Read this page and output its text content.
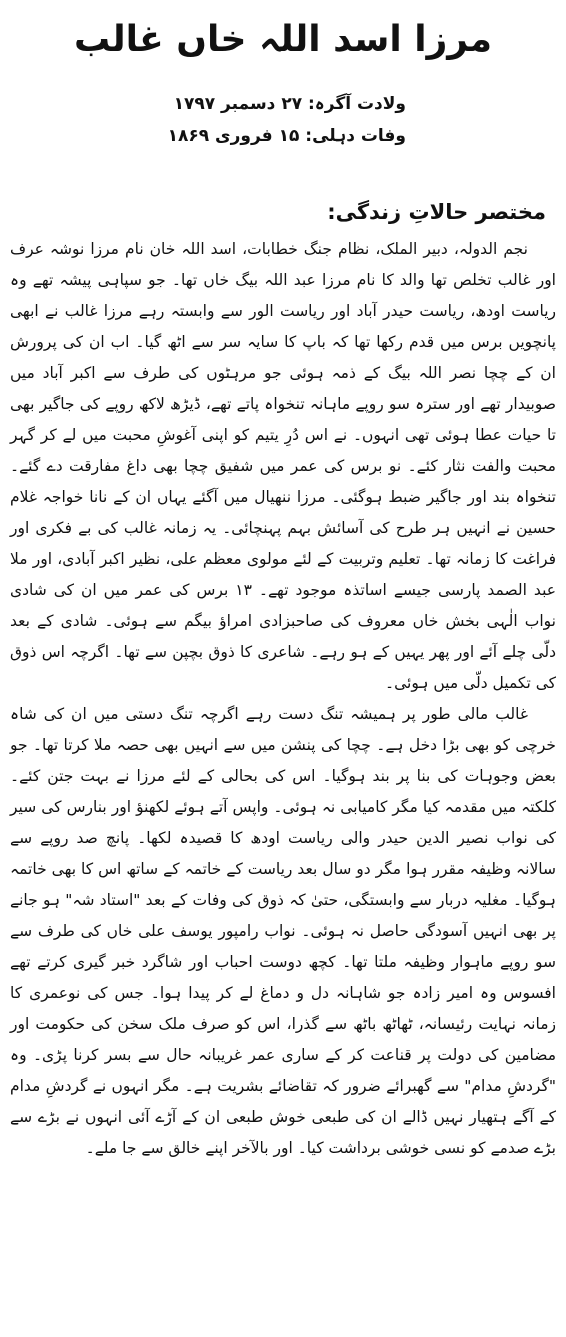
مرزا اسد اللہ خاں غالب
ولادت آگرہ: ۲۷ دسمبر ۱۷۹۷
وفات دہلی: ۱۵ فروری ۱۸۶۹
مختصر حالاتِ زندگی:

نجم الدولہ، دبیر الملک، نظام جنگ خطابات، اسد اللہ خان نام مرزا نوشہ عرف اور غالب تخلص تھا والد کا نام مرزا عبد اللہ بیگ خاں تھا۔ جو سپاہی پیشہ تھے وہ ریاست اودھ، ریاست حیدر آباد اور ریاست الور سے وابستہ رہے مرزا غالب نے ابھی پانچویں برس میں قدم رکھا تھا کہ باپ کا سایہ سر سے اٹھ گیا۔ اب ان کی پرورش ان کے چچا نصر اللہ بیگ کے ذمہ ہوئی جو مرہٹوں کی طرف سے اکبر آباد میں صوبیدار تھے اور سترہ سو روپے ماہانہ تنخواہ پاتے تھے، ڈیڑھ لاکھ روپے کی جاگیر بھی تا حیات عطا ہوئی تھی انہوں۔ نے اس دُرِ یتیم کو اپنی آغوشِ محبت میں لے کر گہر محبت والفت نثار کئے۔ نو برس کی عمر میں شفیق چچا بھی داغ مفارقت دے گئے۔ تنخواہ بند اور جاگیر ضبط ہوگئی۔ مرزا ننھیال میں آگئے یہاں ان کے نانا خواجہ غلام حسین نے انہیں ہر طرح کی آسائش بہم پہنچائی۔ یہ زمانہ غالب کی بے فکری اور فراغت کا زمانہ تھا۔ تعلیم وتربیت کے لئے مولوی معظم علی، نظیر اکبر آبادی، اور ملا عبد الصمد پارسی جیسے اساتذہ موجود تھے۔ ۱۳ برس کی عمر میں ان کی شادی نواب الٰہی بخش خاں معروف کی صاحبزادی امراؤ بیگم سے ہوئی۔ شادی کے بعد دلّی چلے آئے اور پھر یہیں کے ہو رہے۔ شاعری کا ذوق بچپن سے تھا۔ اگرچہ اس ذوق کی تکمیل دلّی میں ہوئی۔

غالب مالی طور پر ہمیشہ تنگ دست رہے اگرچہ تنگ دستی میں ان کی شاہ خرچی کو بھی بڑا دخل ہے۔ چچا کی پنشن میں سے انہیں بھی حصہ ملا کرتا تھا۔ جو بعض وجوہات کی بنا پر بند ہوگیا۔ اس کی بحالی کے لئے مرزا نے بہت جتن کئے۔ کلکتہ میں مقدمہ کیا مگر کامیابی نہ ہوئی۔ واپس آتے ہوئے لکھنؤ اور بنارس کی سیر کی نواب نصیر الدین حیدر والی ریاست اودھ کا قصیدہ لکھا۔ پانچ صد روپے سے سالانہ وظیفہ مقرر ہوا مگر دو سال بعد ریاست کے خاتمہ کے ساتھ اس کا بھی خاتمہ ہوگیا۔ مغلیہ دربار سے وابستگی، حتیٰ کہ ذوق کی وفات کے بعد "استاد شہ" ہو جانے پر بھی انہیں آسودگی حاصل نہ ہوئی۔ نواب رامپور یوسف علی خاں کی طرف سے سو روپے ماہوار وظیفہ ملتا تھا۔ کچھ دوست احباب اور شاگرد خبر گیری کرتے تھے افسوس وہ امیر زادہ جو شاہانہ دل و دماغ لے کر پیدا ہوا۔ جس کی نوعمری کا زمانہ نہایت رئیسانہ، ٹھاٹھ باٹھ سے گذرا، اس کو صرف ملک سخن کی حکومت اور مضامین کی دولت پر قناعت کر کے ساری عمر غریبانہ حال سے بسر کرنا پڑی۔ وہ "گردشِ مدام" سے گھبرائے ضرور کہ تقاضائے بشریت ہے۔ مگر انہوں نے گردشِ مدام کے آگے ہتھیار نہیں ڈالے ان کی طبعی خوش طبعی ان کے آڑے آئی انہوں نے بڑے سے بڑے صدمے کو نسی خوشی برداشت کیا۔ اور بالآخر اپنے خالق سے جا ملے۔
